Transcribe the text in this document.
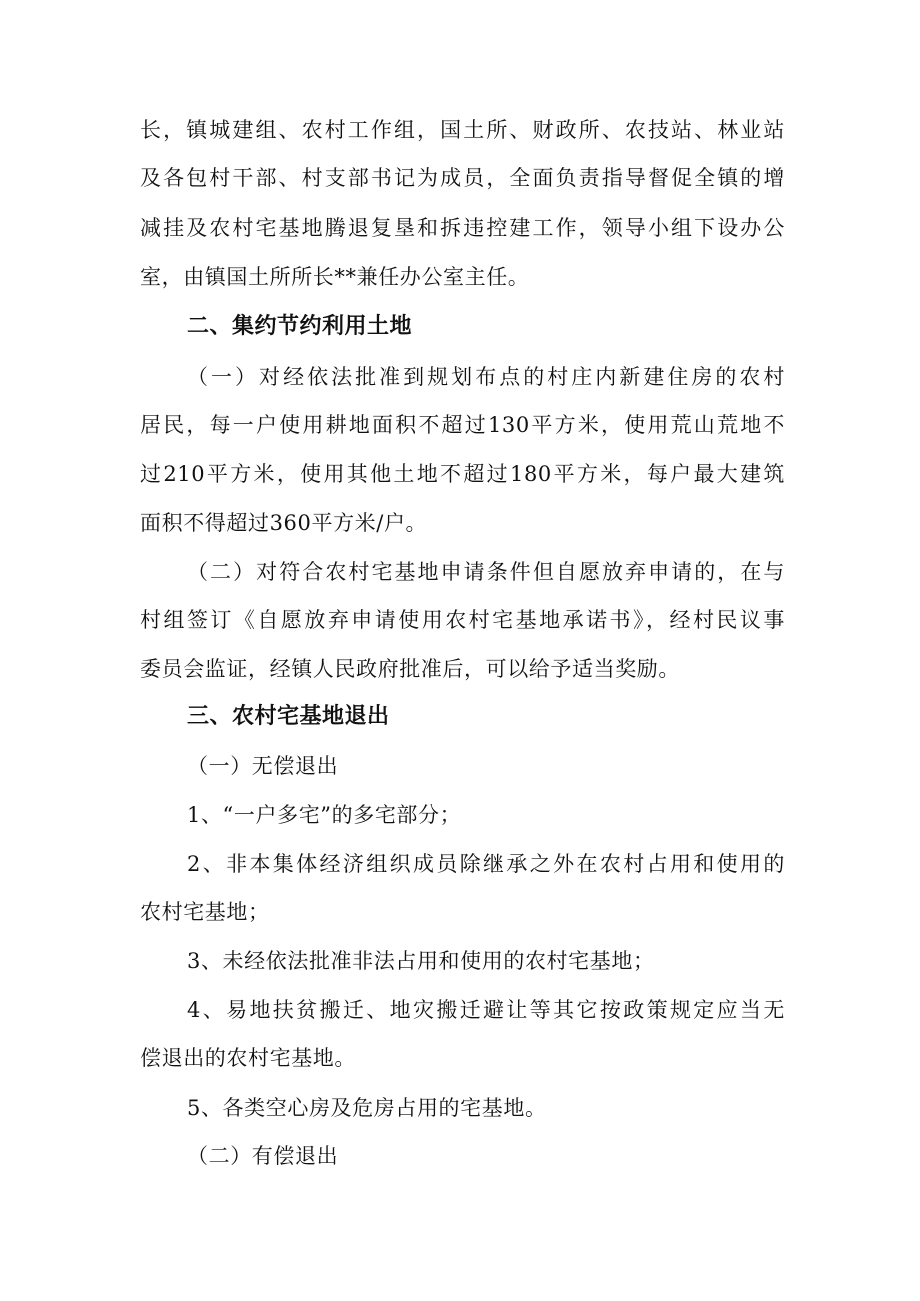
长，镇城建组、农村工作组，国土所、财政所、农技站、林业站
及各包村干部、村支部书记为成员，全面负责指导督促全镇的增
减挂及农村宅基地腾退复垦和拆违控建工作，领导小组下设办公
室，由镇国土所所长**兼任办公室主任。
二、集约节约利用土地
（一）对经依法批准到规划布点的村庄内新建住房的农村
居民，每一户使用耕地面积不超过130平方米，使用荒山荒地不
过210平方米，使用其他土地不超过180平方米，每户最大建筑
面积不得超过360平方米/户。
（二）对符合农村宅基地申请条件但自愿放弃申请的，在与
村组签订《自愿放弃申请使用农村宅基地承诺书》，经村民议事
委员会监证，经镇人民政府批准后，可以给予适当奖励。
三、农村宅基地退出
（一）无偿退出
1、“一户多宅”的多宅部分；
2、非本集体经济组织成员除继承之外在农村占用和使用的
农村宅基地；
3、未经依法批准非法占用和使用的农村宅基地；
4、易地扶贫搬迁、地灾搬迁避让等其它按政策规定应当无
偿退出的农村宅基地。
5、各类空心房及危房占用的宅基地。
（二）有偿退出
